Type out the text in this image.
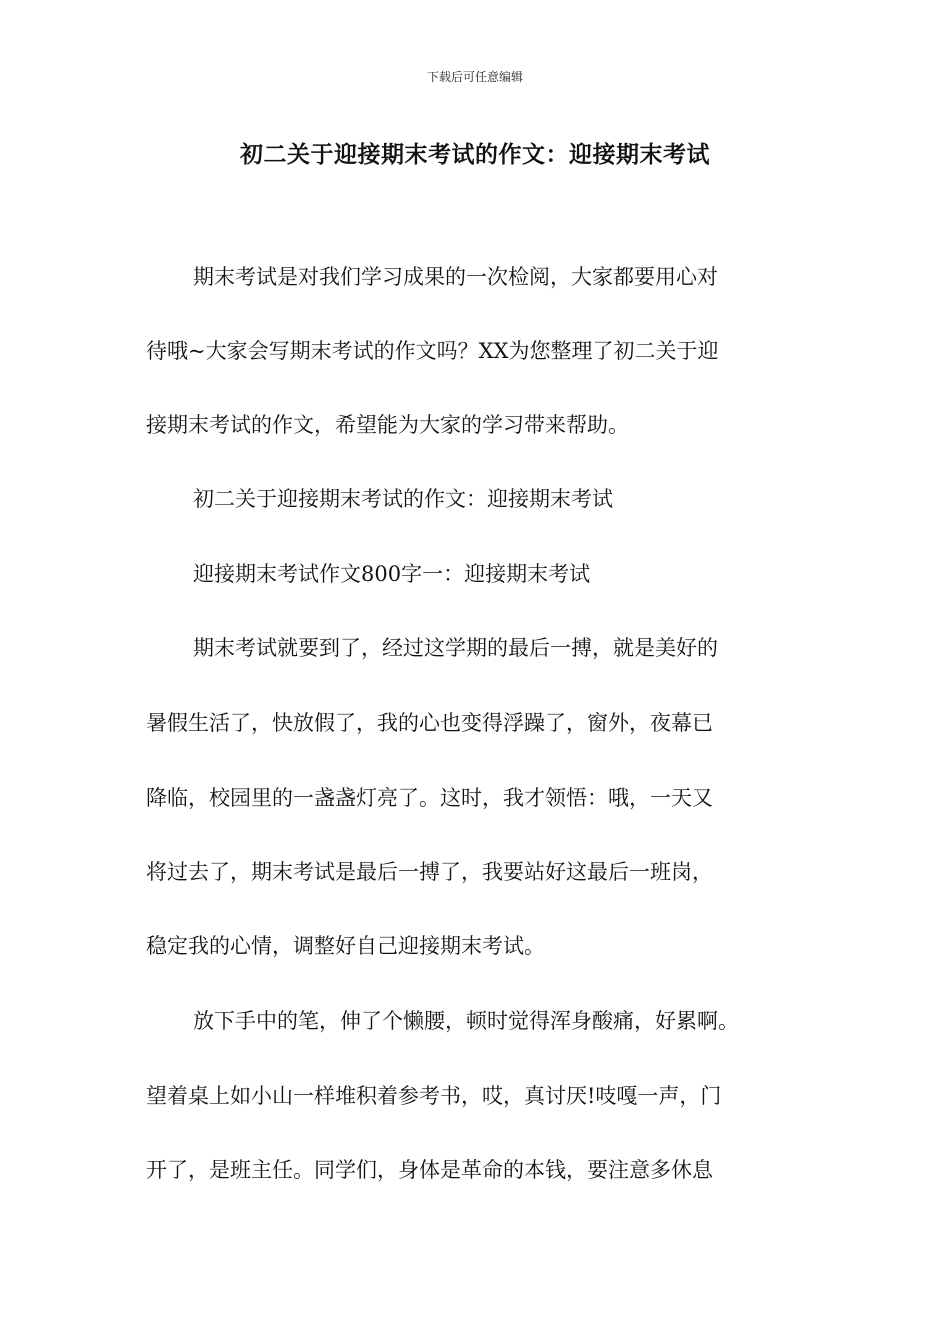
下载后可任意编辑
初二关于迎接期末考试的作文：迎接期末考试
期末考试是对我们学习成果的一次检阅，大家都要用心对
待哦~大家会写期末考试的作文吗？XX为您整理了初二关于迎
接期末考试的作文，希望能为大家的学习带来帮助。
初二关于迎接期末考试的作文：迎接期末考试
迎接期末考试作文800字一：迎接期末考试
期末考试就要到了，经过这学期的最后一搏，就是美好的
暑假生活了，快放假了，我的心也变得浮躁了，窗外，夜幕已
降临，校园里的一盏盏灯亮了。这时，我才领悟：哦，一天又
将过去了，期末考试是最后一搏了，我要站好这最后一班岗，
稳定我的心情，调整好自己迎接期末考试。
放下手中的笔，伸了个懒腰，顿时觉得浑身酸痛，好累啊。
望着桌上如小山一样堆积着参考书，哎，真讨厌!吱嘎一声，门
开了，是班主任。同学们，身体是革命的本钱，要注意多休息
